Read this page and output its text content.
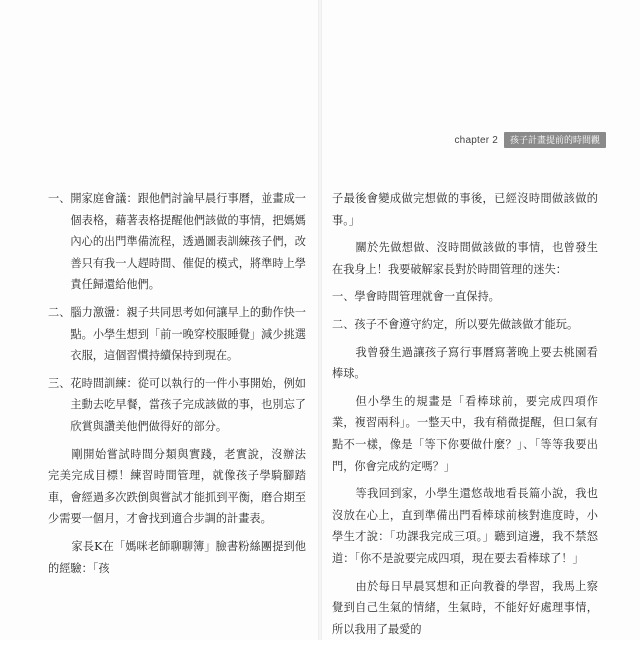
chapter 2	孩子計畫提前的時間觀
一、 開家庭會議：跟他們討論早晨行事曆，並畫成一個表格，藉著表格提醒他們該做的事情，把媽媽內心的出門準備流程，透過圖表訓練孩子們，改善只有我一人趕時間、催促的模式，將準時上學責任歸還給他們。
二、 腦力激盪：親子共同思考如何讓早上的動作快一點。小學生想到「前一晚穿校服睡覺」減少挑選衣服，這個習慣持續保持到現在。
三、 花時間訓練：從可以執行的一件小事開始，例如主動去吃早餐，當孩子完成該做的事，也別忘了欣賞與讚美他們做得好的部分。

剛開始嘗試時間分類與實踐，老實說，沒辦法完美完成目標！練習時間管理，就像孩子學騎腳踏車，會經過多次跌倒與嘗試才能抓到平衡，磨合期至少需要一個月，才會找到適合步調的計畫表。

家長K在「媽咪老師聊聊簿」臉書粉絲團提到他的經驗：「孩

子最後會變成做完想做的事後，已經沒時間做該做的事。」

關於先做想做、沒時間做該做的事情，也曾發生在我身上！我要破解家長對於時間管理的迷失：

一、學會時間管理就會一直保持。

二、孩子不會遵守約定，所以要先做該做才能玩。

我曾發生過讓孩子寫行事曆寫著晚上要去桃園看棒球。

但小學生的規畫是「看棒球前，要完成四項作業，複習兩科」。一整天中，我有稍微提醒，但口氣有點不一樣，像是「等下你要做什麼？」、「等等我要出門，你會完成約定嗎？」

等我回到家，小學生還悠哉地看長篇小說，我也沒放在心上，直到準備出門看棒球前核對進度時，小學生才說：「功課我完成三項。」聽到這邊，我不禁怒道：「你不是說要完成四項，現在要去看棒球了！」

由於每日早晨冥想和正向教養的學習，我馬上察覺到自己生氣的情緒，生氣時，不能好好處理事情，所以我用了最愛的
